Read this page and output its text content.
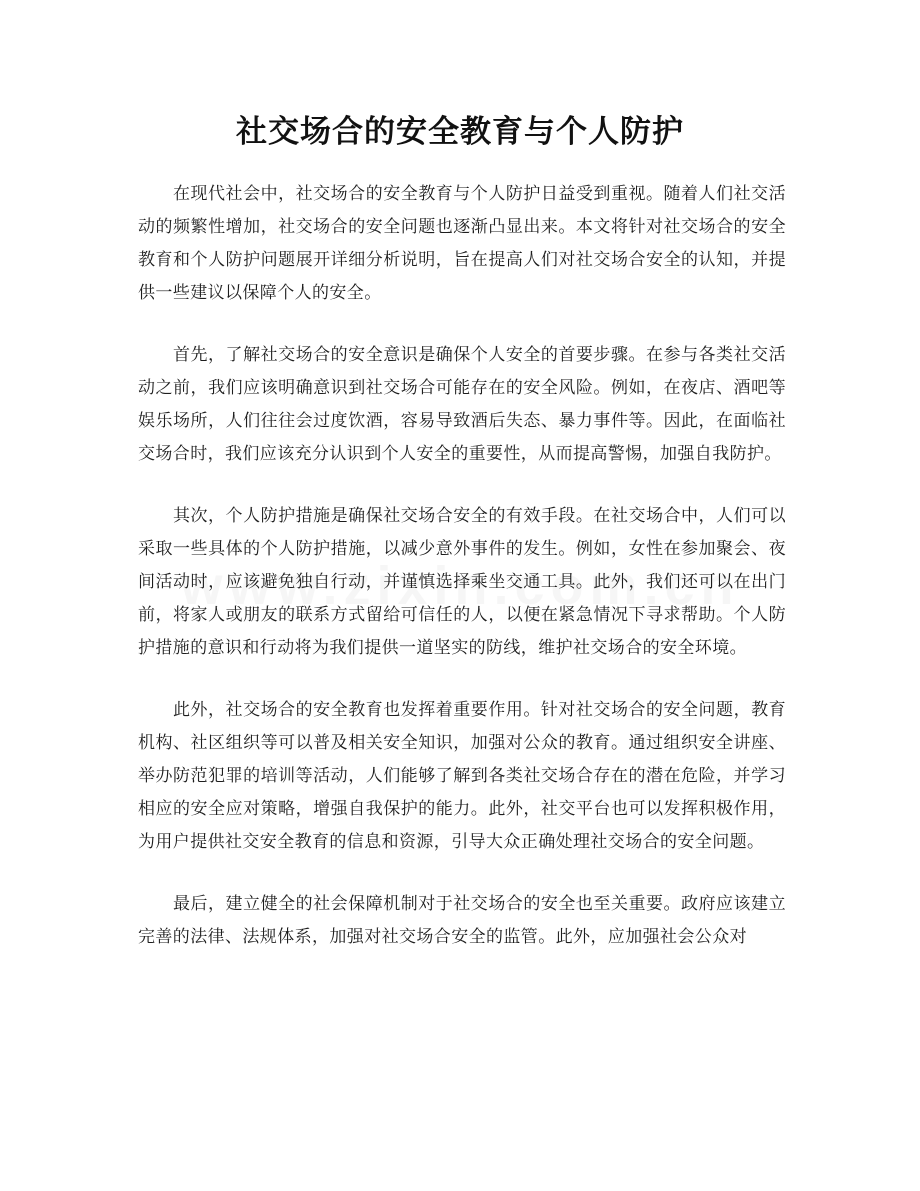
社交场合的安全教育与个人防护

在现代社会中，社交场合的安全教育与个人防护日益受到重视。随着人们社交活动的频繁性增加，社交场合的安全问题也逐渐凸显出来。本文将针对社交场合的安全教育和个人防护问题展开详细分析说明，旨在提高人们对社交场合安全的认知，并提供一些建议以保障个人的安全。

首先，了解社交场合的安全意识是确保个人安全的首要步骤。在参与各类社交活动之前，我们应该明确意识到社交场合可能存在的安全风险。例如，在夜店、酒吧等娱乐场所，人们往往会过度饮酒，容易导致酒后失态、暴力事件等。因此，在面临社交场合时，我们应该充分认识到个人安全的重要性，从而提高警惕，加强自我防护。

其次，个人防护措施是确保社交场合安全的有效手段。在社交场合中，人们可以采取一些具体的个人防护措施，以减少意外事件的发生。例如，女性在参加聚会、夜间活动时，应该避免独自行动，并谨慎选择乘坐交通工具。此外，我们还可以在出门前，将家人或朋友的联系方式留给可信任的人，以便在紧急情况下寻求帮助。个人防护措施的意识和行动将为我们提供一道坚实的防线，维护社交场合的安全环境。

此外，社交场合的安全教育也发挥着重要作用。针对社交场合的安全问题，教育机构、社区组织等可以普及相关安全知识，加强对公众的教育。通过组织安全讲座、举办防范犯罪的培训等活动，人们能够了解到各类社交场合存在的潜在危险，并学习相应的安全应对策略，增强自我保护的能力。此外，社交平台也可以发挥积极作用，为用户提供社交安全教育的信息和资源，引导大众正确处理社交场合的安全问题。

最后，建立健全的社会保障机制对于社交场合的安全也至关重要。政府应该建立完善的法律、法规体系，加强对社交场合安全的监管。此外，应加强社会公众对
